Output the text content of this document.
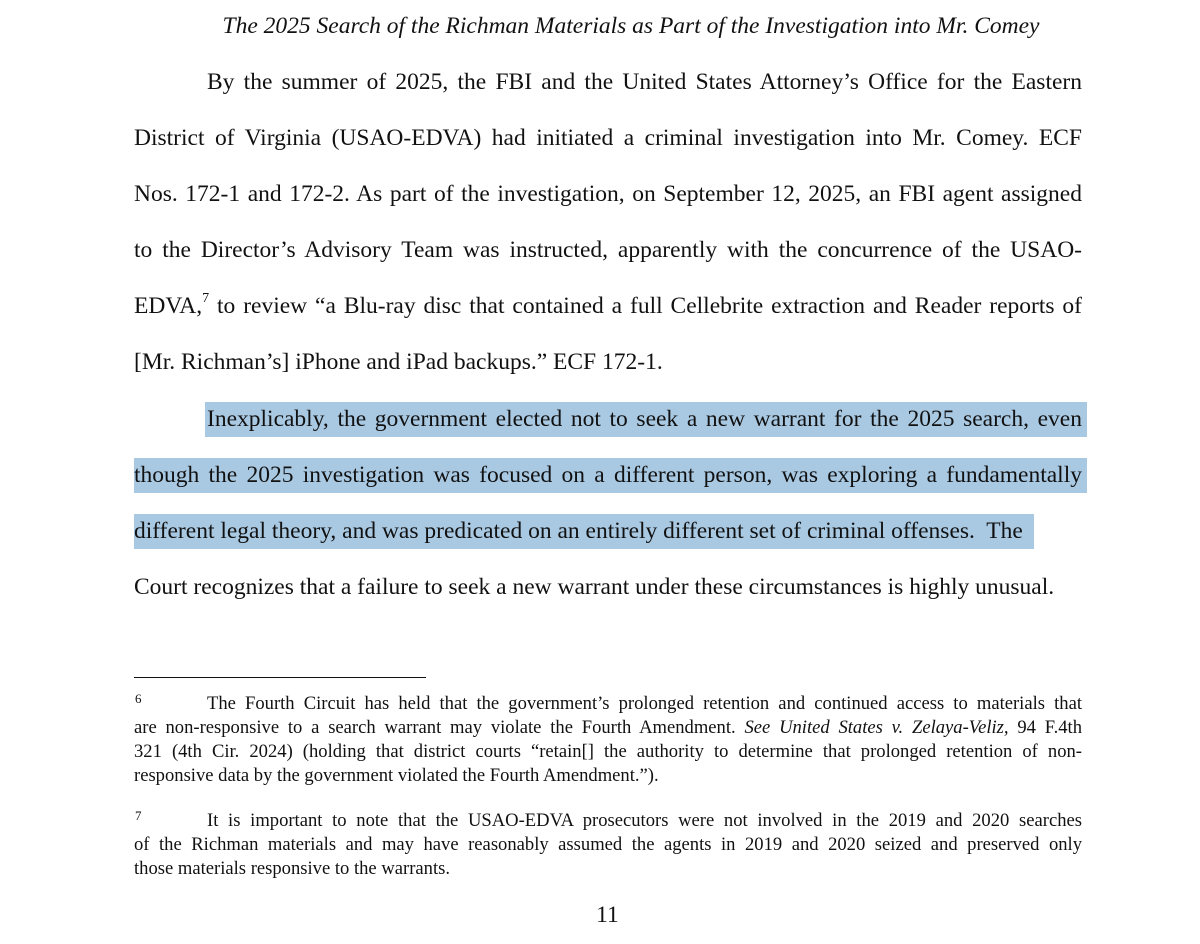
The 2025 Search of the Richman Materials as Part of the Investigation into Mr. Comey
By the summer of 2025, the FBI and the United States Attorney’s Office for the Eastern
District of Virginia (USAO-EDVA) had initiated a criminal investigation into Mr. Comey. ECF
Nos. 172-1 and 172-2. As part of the investigation, on September 12, 2025, an FBI agent assigned
to the Director’s Advisory Team was instructed, apparently with the concurrence of the USAO-
EDVA,$^7$ to review “a Blu-ray disc that contained a full Cellebrite extraction and Reader reports of
[Mr. Richman’s] iPhone and iPad backups.” ECF 172-1.
Inexplicably, the government elected not to seek a new warrant for the 2025 search, even
though the 2025 investigation was focused on a different person, was exploring a fundamentally
different legal theory, and was predicated on an entirely different set of criminal offenses.  The
Court recognizes that a failure to seek a new warrant under these circumstances is highly unusual.
6	The Fourth Circuit has held that the government’s prolonged retention and continued access to materials that
are non-responsive to a search warrant may violate the Fourth Amendment. See United States v. Zelaya-Veliz, 94 F.4th
321 (4th Cir. 2024) (holding that district courts “retain[] the authority to determine that prolonged retention of non-
responsive data by the government violated the Fourth Amendment.”).
7	It is important to note that the USAO-EDVA prosecutors were not involved in the 2019 and 2020 searches
of the Richman materials and may have reasonably assumed the agents in 2019 and 2020 seized and preserved only
those materials responsive to the warrants.
11
